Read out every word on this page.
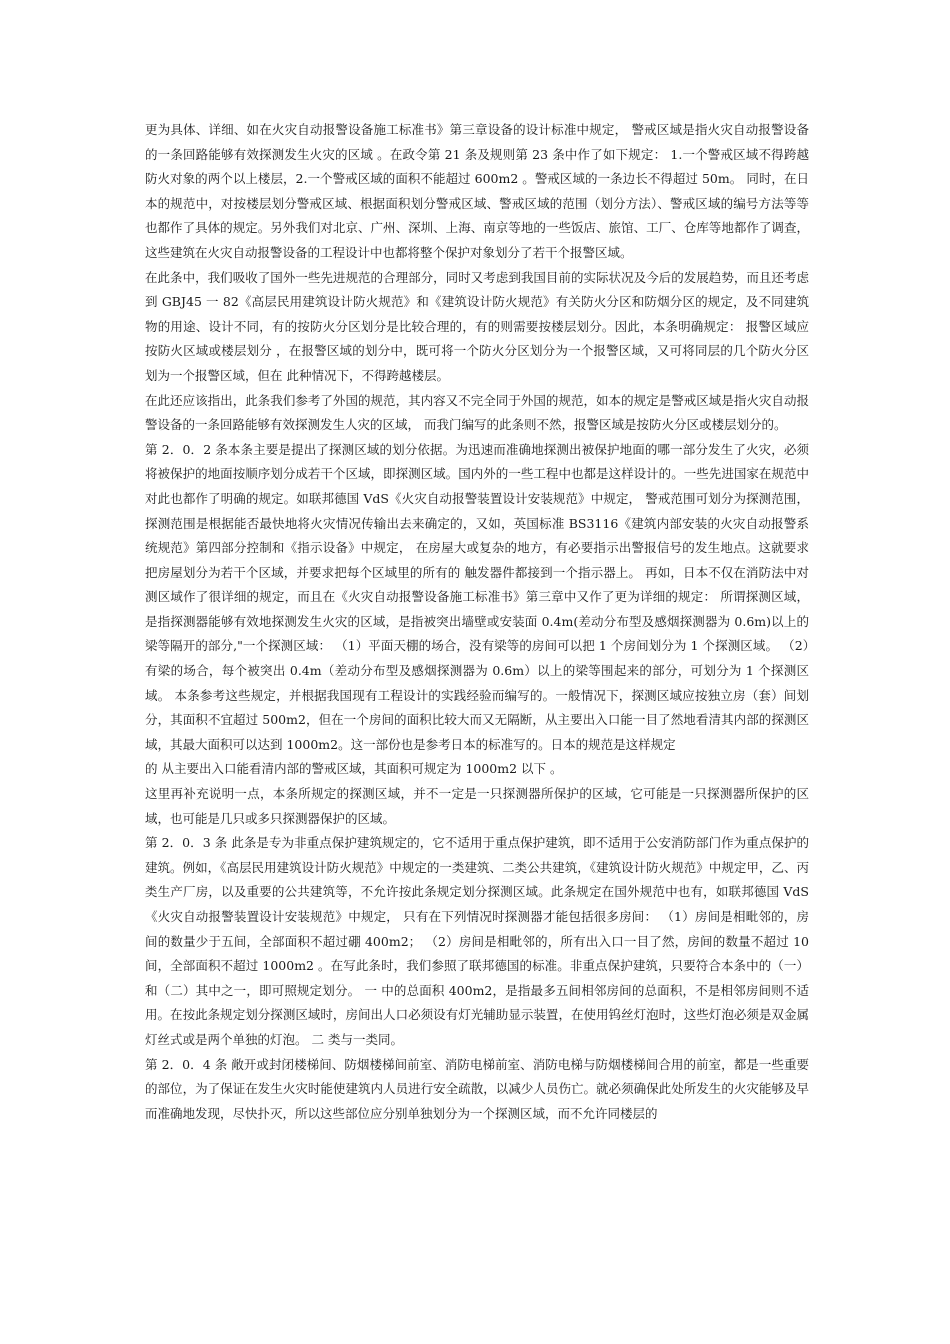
更为具体、详细、如在火灾自动报警设备施工标准书》第三章设备的设计标准中规定， 警戒区域是指火灾自动报警设备的一条回路能够有效探测发生火灾的区域 。在政令第 21 条及规则第 23 条中作了如下规定： 1.一个警戒区域不得跨越防火对象的两个以上楼层，2.一个警戒区域的面积不能超过 600m2 。警戒区域的一条边长不得超过 50m。 同时，在日本的规范中，对按楼层划分警戒区域、根据面积划分警戒区域、警戒区域的范围（划分方法）、警戒区域的编号方法等等也都作了具体的规定。另外我们对北京、广州、深圳、上海、南京等地的一些饭店、旅馆、工厂、仓库等地都作了调查，这些建筑在火灾自动报警设备的工程设计中也都将整个保护对象划分了若干个报警区域。

在此条中，我们吸收了国外一些先进规范的合理部分，同时又考虑到我国目前的实际状况及今后的发展趋势，而且还考虑到 GBJ45 一 82《高层民用建筑设计防火规范》和《建筑设计防火规范》有关防火分区和防烟分区的规定，及不同建筑物的用途、设计不同，有的按防火分区划分是比较合理的，有的则需要按楼层划分。因此，本条明确规定： 报警区域应按防火区域或楼层划分 ，在报警区域的划分中，既可将一个防火分区划分为一个报警区域，又可将同层的几个防火分区划为一个报警区域，但在 此种情况下，不得跨越楼层。

在此还应该指出，此条我们参考了外国的规范，其内容又不完全同于外国的规范，如本的规定是警戒区域是指火灾自动报警设备的一条回路能够有效探测发生人灾的区域， 而我门编写的此条则不然，报警区域是按防火分区或楼层划分的。

第 2．0．2 条本条主要是提出了探测区域的划分依据。为迅速而准确地探测出被保护地面的哪一部分发生了火灾，必须将被保护的地面按顺序划分成若干个区域，即探测区域。国内外的一些工程中也都是这样设计的。一些先进国家在规范中对此也都作了明确的规定。如联邦德国 VdS《火灾自动报警装置设计安装规范》中规定， 警戒范围可划分为探测范围，探测范围是根据能否最快地将火灾情况传输出去来确定的，又如，英国标准 BS3116《建筑内部安装的火灾自动报警系统规范》第四部分控制和《指示设备》中规定， 在房屋大或复杂的地方，有必要指示出警报信号的发生地点。这就要求把房屋划分为若干个区域，并要求把每个区域里的所有的 触发器件都接到一个指示器上。 再如，日本不仅在消防法中对测区域作了很详细的规定，而且在《火灾自动报警设备施工标准书》第三章中又作了更为详细的规定： 所谓探测区域，是指探测器能够有效地探测发生火灾的区域，是指被突出墙壁或安装面 0.4m(差动分布型及感烟探测器为 0.6m)以上的梁等隔开的部分,"一个探测区域： （1）平面天棚的场合，没有梁等的房间可以把 1 个房间划分为 1 个探测区域。 （2）有梁的场合，每个被突出 0.4m（差动分布型及感烟探测器为 0.6m）以上的梁等围起来的部分，可划分为 1 个探测区域。 本条参考这些规定，并根据我国现有工程设计的实践经验而编写的。一般情况下，探测区域应按独立房（套）间划分，其面积不宜超过 500m2，但在一个房间的面积比较大而又无隔断，从主要出入口能一目了然地看清其内部的探测区域，其最大面积可以达到 1000m2。这一部份也是参考日本的标准写的。日本的规范是这样规定

的 从主要出入口能看清内部的警戒区域，其面积可规定为 1000m2 以下 。

这里再补充说明一点，本条所规定的探测区域，并不一定是一只探测器所保护的区域，它可能是一只探测器所保护的区域，也可能是几只或多只探测器保护的区域。

第 2．0．3 条 此条是专为非重点保护建筑规定的，它不适用于重点保护建筑，即不适用于公安消防部门作为重点保护的建筑。例如，《高层民用建筑设计防火规范》中规定的一类建筑、二类公共建筑，《建筑设计防火规范》中规定甲，乙、丙类生产厂房，以及重要的公共建筑等，不允许按此条规定划分探测区域。此条规定在国外规范中也有，如联邦德国 VdS《火灾自动报警装置设计安装规范》中规定， 只有在下列情况时探测器才能包括很多房间： （1）房间是相毗邻的，房间的数量少于五间，全部面积不超过硼 400m2； （2）房间是相毗邻的，所有出入口一目了然，房间的数量不超过 10 间，全部面积不超过 1000m2 。在写此条时，我们参照了联邦德国的标准。非重点保护建筑，只要符合本条中的（一）和（二）其中之一，即可照规定划分。 一 中的总面积 400m2，是指最多五间相邻房间的总面积，不是相邻房间则不适用。在按此条规定划分探测区域时，房间出人口必须设有灯光辅助显示装置，在使用钨丝灯泡时，这些灯泡必须是双金属灯丝式或是两个单独的灯泡。 二 类与一类同。

第 2．0．4 条 敞开或封闭楼梯间、防烟楼梯间前室、消防电梯前室、消防电梯与防烟楼梯间合用的前室，都是一些重要的部位，为了保证在发生火灾时能使建筑内人员进行安全疏散，以减少人员伤亡。就必须确保此处所发生的火灾能够及早而准确地发现，尽快扑灭，所以这些部位应分别单独划分为一个探测区域，而不允许同楼层的
